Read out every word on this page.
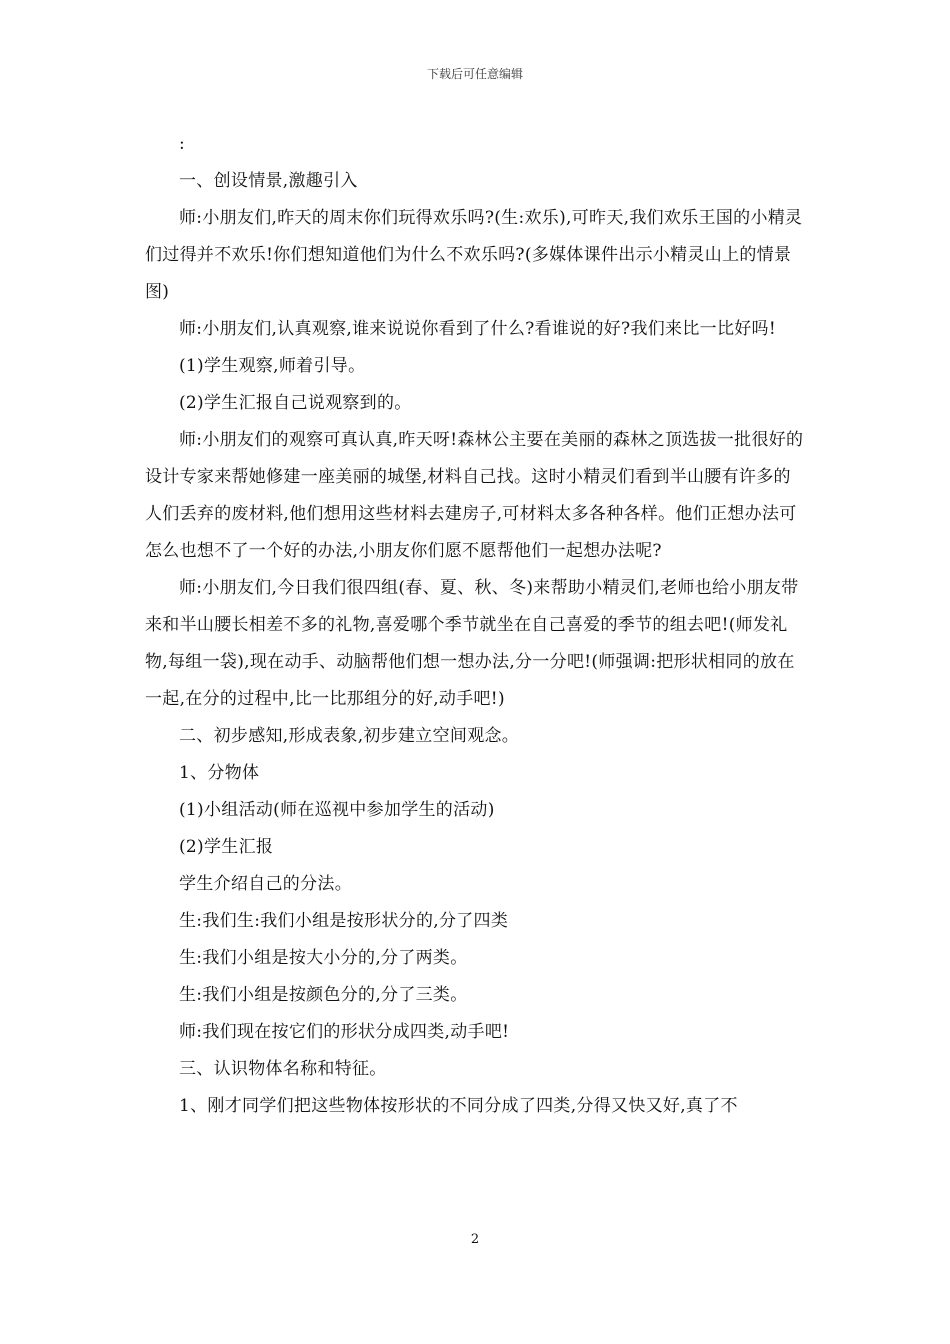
下载后可任意编辑

:

一、创设情景,激趣引入

师:小朋友们,昨天的周末你们玩得欢乐吗?(生:欢乐),可昨天,我们欢乐王国的小精灵们过得并不欢乐!你们想知道他们为什么不欢乐吗?(多媒体课件出示小精灵山上的情景图)

师:小朋友们,认真观察,谁来说说你看到了什么?看谁说的好?我们来比一比好吗!

(1)学生观察,师着引导。

(2)学生汇报自己说观察到的。

师:小朋友们的观察可真认真,昨天呀!森林公主要在美丽的森林之顶选拔一批很好的设计专家来帮她修建一座美丽的城堡,材料自己找。这时小精灵们看到半山腰有许多的人们丢弃的废材料,他们想用这些材料去建房子,可材料太多各种各样。他们正想办法可怎么也想不了一个好的办法,小朋友你们愿不愿帮他们一起想办法呢?

师:小朋友们,今日我们很四组(春、夏、秋、冬)来帮助小精灵们,老师也给小朋友带来和半山腰长相差不多的礼物,喜爱哪个季节就坐在自己喜爱的季节的组去吧!(师发礼物,每组一袋),现在动手、动脑帮他们想一想办法,分一分吧!(师强调:把形状相同的放在一起,在分的过程中,比一比那组分的好,动手吧!)

二、初步感知,形成表象,初步建立空间观念。

1、分物体

(1)小组活动(师在巡视中参加学生的活动)

(2)学生汇报

学生介绍自己的分法。

生:我们生:我们小组是按形状分的,分了四类

生:我们小组是按大小分的,分了两类。

生:我们小组是按颜色分的,分了三类。

师:我们现在按它们的形状分成四类,动手吧!

三、认识物体名称和特征。

1、刚才同学们把这些物体按形状的不同分成了四类,分得又快又好,真了不

2
